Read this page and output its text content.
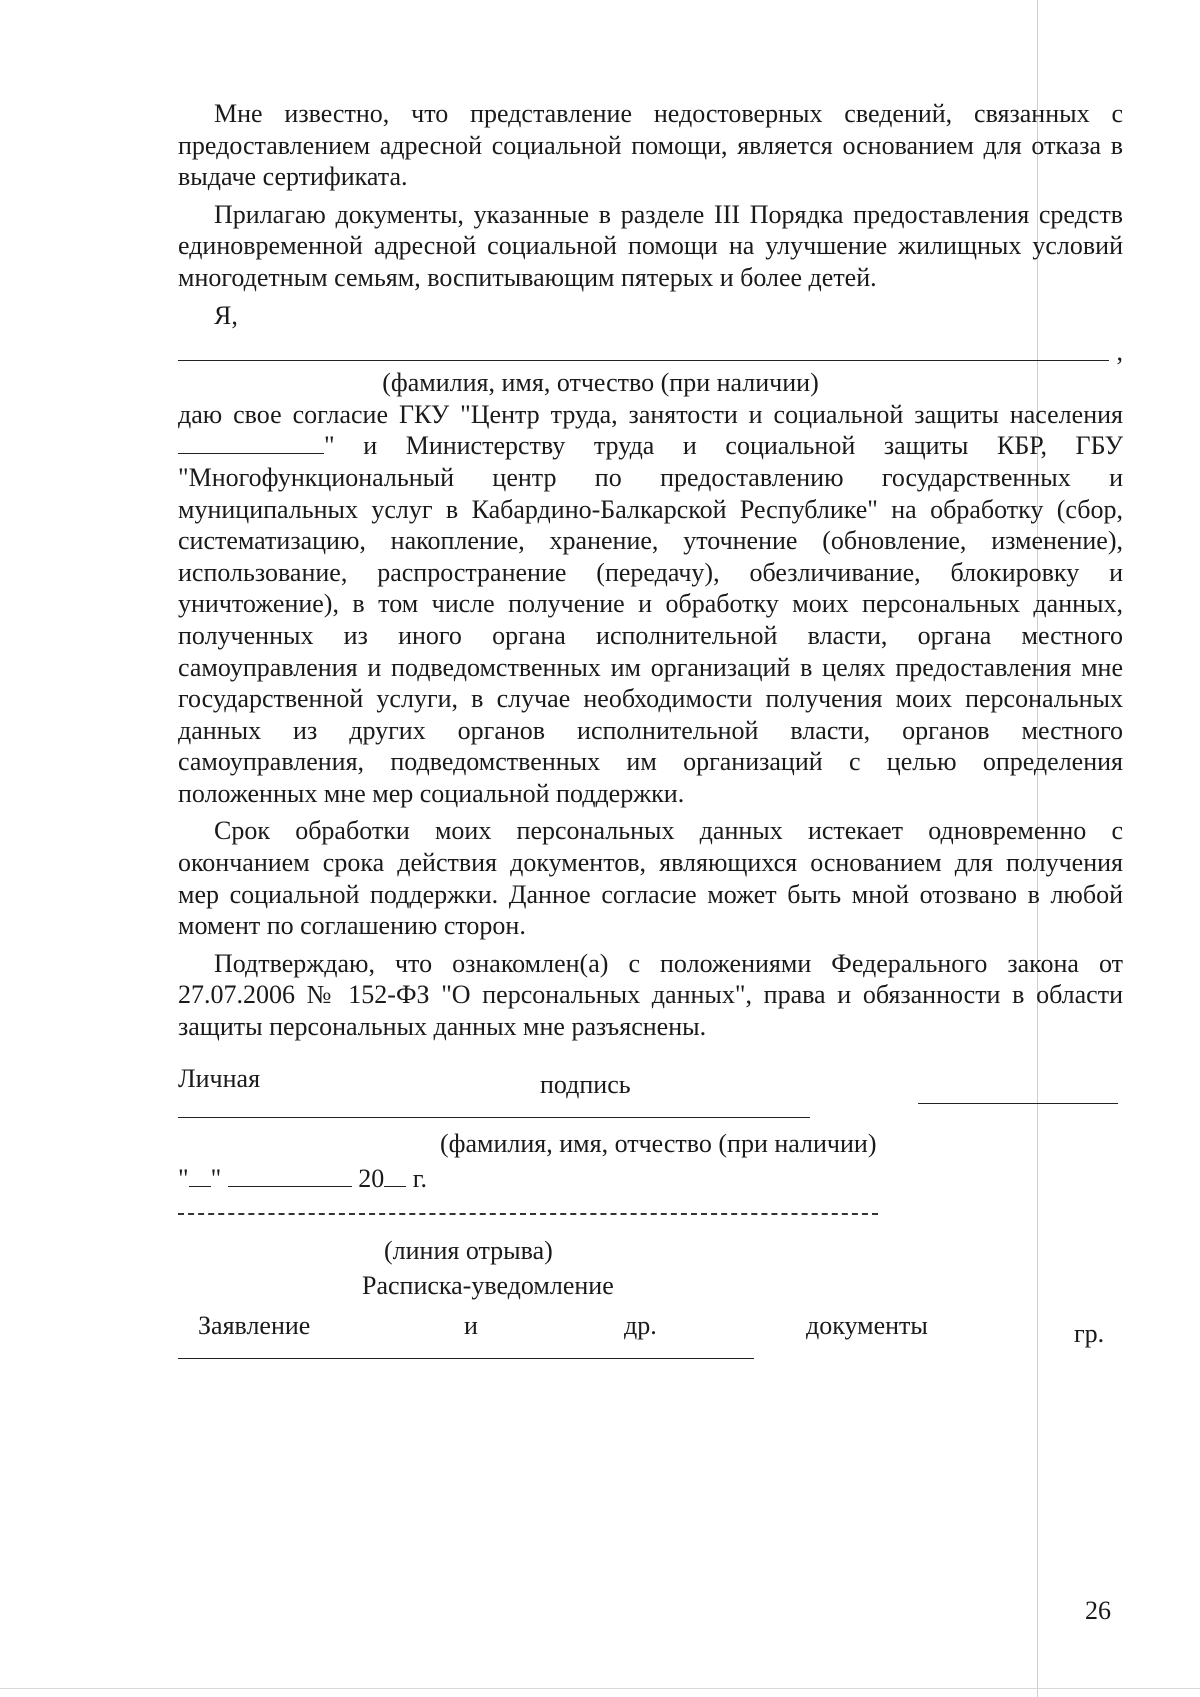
Мне известно, что представление недостоверных сведений, связанных с предоставлением адресной социальной помощи, является основанием для отказа в выдаче сертификата.

Прилагаю документы, указанные в разделе III Порядка предоставления средств единовременной адресной социальной помощи на улучшение жилищных условий многодетным семьям, воспитывающим пятерых и более детей.

Я,
,
(фамилия, имя, отчество (при наличии)

даю свое согласие ГКУ "Центр труда, занятости и социальной защиты населения" и Министерству труда и социальной защиты КБР, ГБУ "Многофункциональный центр по предоставлению государственных и муниципальных услуг в Кабардино-Балкарской Республике" на обработку (сбор, систематизацию, накопление, хранение, уточнение (обновление, изменение), использование, распространение (передачу), обезличивание, блокировку и уничтожение), в том числе получение и обработку моих персональных данных, полученных из иного органа исполнительной власти, органа местного самоуправления и подведомственных им организаций в целях предоставления мне государственной услуги, в случае необходимости получения моих персональных данных из других органов исполнительной власти, органов местного самоуправления, подведомственных им организаций с целью определения положенных мне мер социальной поддержки.

Срок обработки моих персональных данных истекает одновременно с окончанием срока действия документов, являющихся основанием для получения мер социальной поддержки. Данное согласие может быть мной отозвано в любой момент по соглашению сторон.

Подтверждаю, что ознакомлен(а) с положениями Федерального закона от 27.07.2006 № 152-ФЗ "О персональных данных", права и обязанности в области защиты персональных данных мне разъяснены.

Личная	подпись
(фамилия, имя, отчество (при наличии)
" "	20 г.
(линия отрыва)
Расписка-уведомление
Заявление	и	др.	документы	гр.
26
